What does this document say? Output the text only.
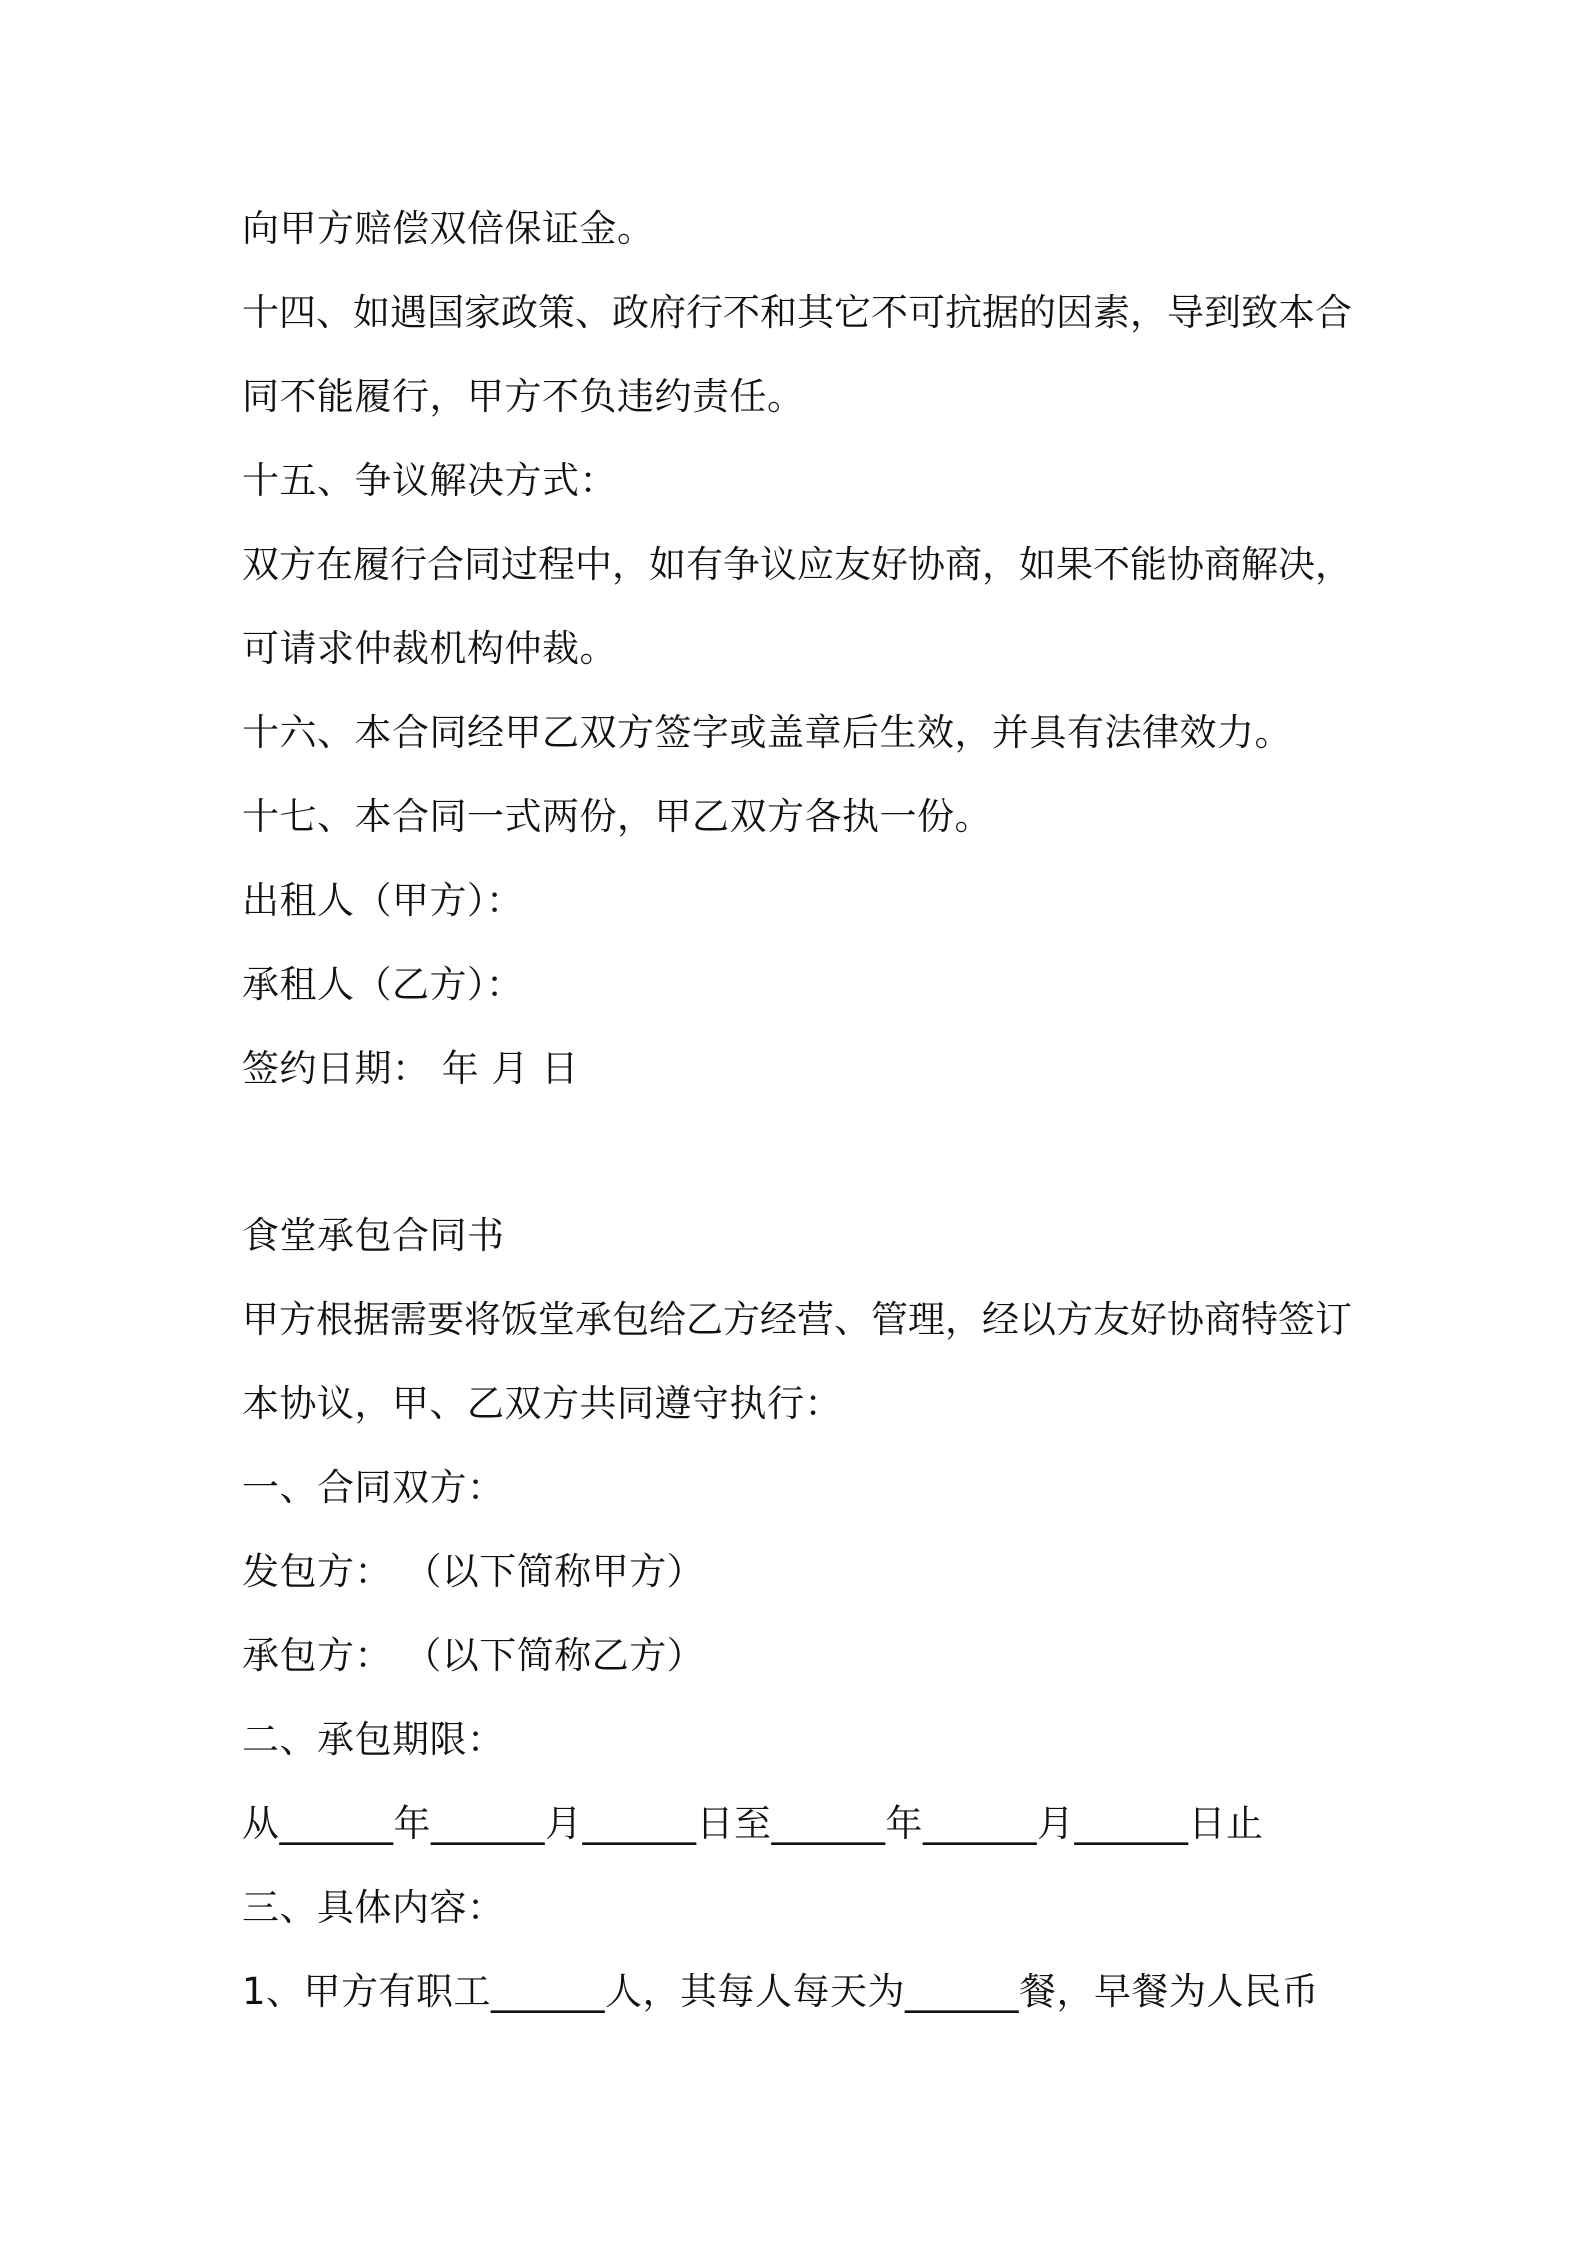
向甲方赔偿双倍保证金。
十四、如遇国家政策、政府行不和其它不可抗据的因素，导到致本合
同不能履行，甲方不负违约责任。
十五、争议解决方式：
双方在履行合同过程中，如有争议应友好协商，如果不能协商解决，
可请求仲裁机构仲裁。
十六、本合同经甲乙双方签字或盖章后生效，并具有法律效力。
十七、本合同一式两份，甲乙双方各执一份。
出租人（甲方）：
承租人（乙方）：
签约日期： 年 月 日
食堂承包合同书
甲方根据需要将饭堂承包给乙方经营、管理，经以方友好协商特签订
本协议，甲、乙双方共同遵守执行：
一、合同双方：
发包方： （以下简称甲方）
承包方： （以下简称乙方）
二、承包期限：
从______年______月______日至______年______月______日止
三、具体内容：
1、甲方有职工______人，其每人每天为______餐，早餐为人民币
